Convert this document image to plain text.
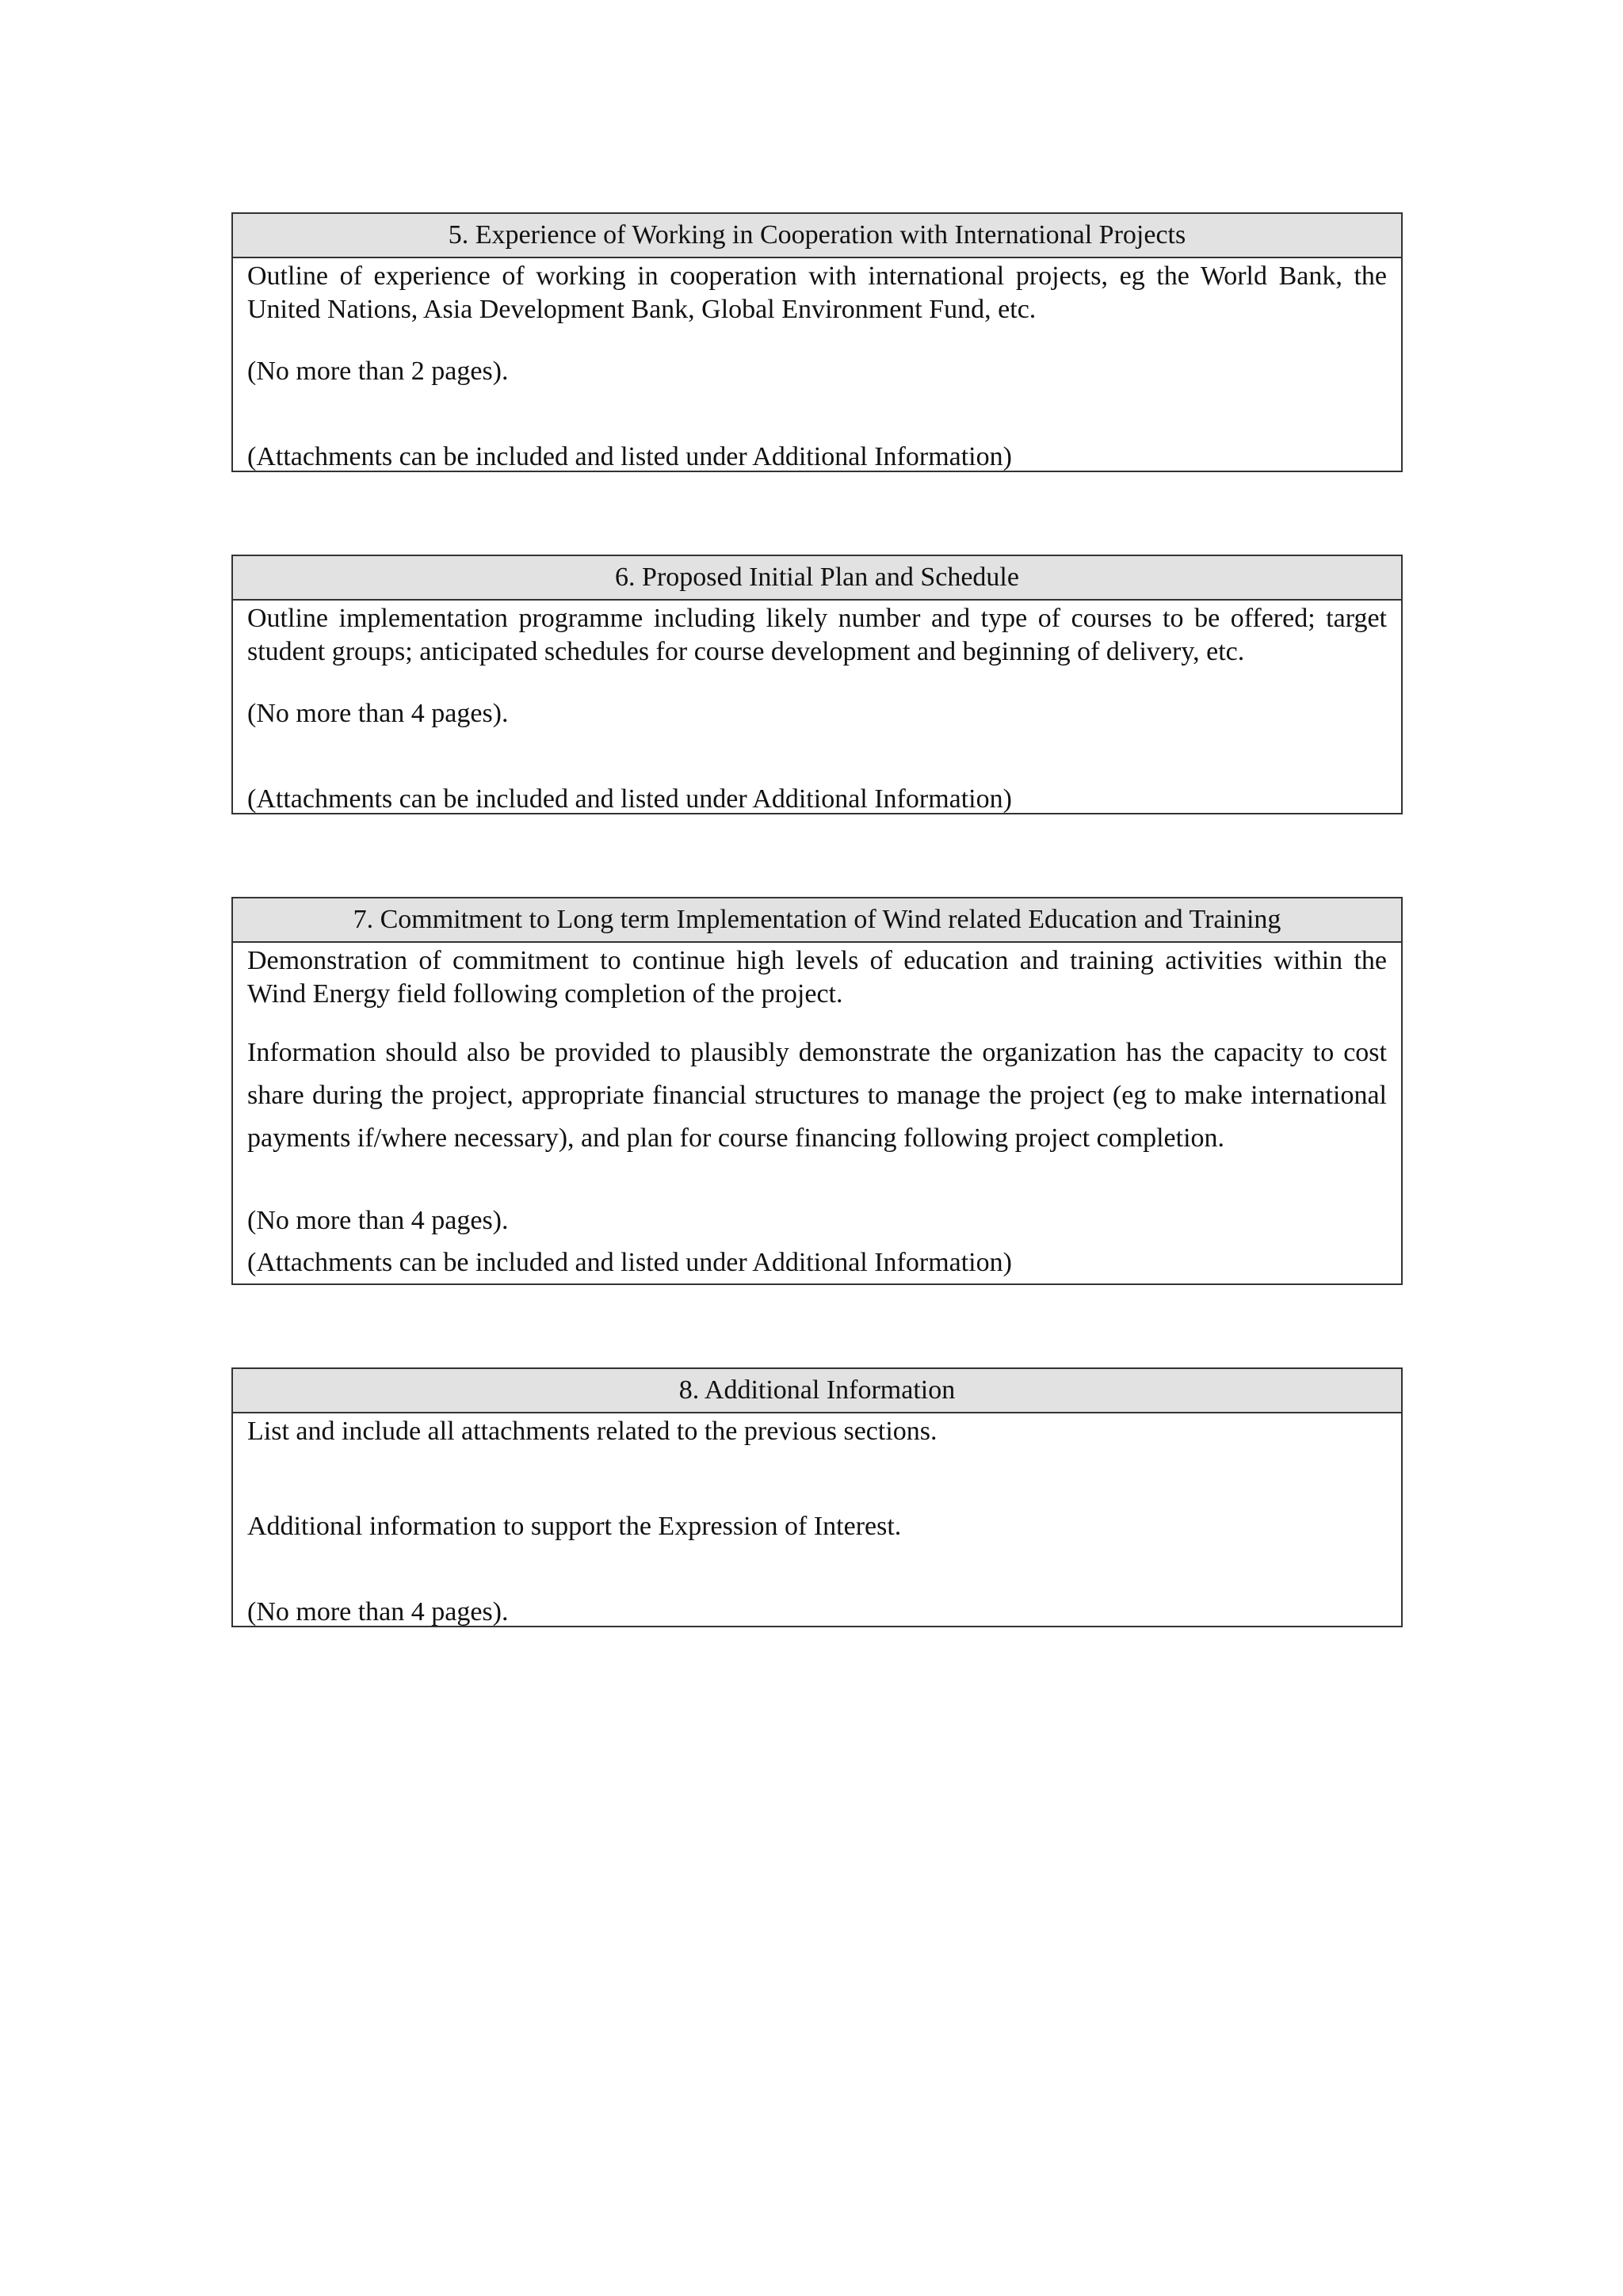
5. Experience of Working in Cooperation with International Projects

Outline of experience of working in cooperation with international projects, eg the World Bank, the United Nations, Asia Development Bank, Global Environment Fund, etc.

(No more than 2 pages).

(Attachments can be included and listed under Additional Information)

6. Proposed Initial Plan and Schedule

Outline implementation programme including likely number and type of courses to be offered; target student groups; anticipated schedules for course development and beginning of delivery, etc.

(No more than 4 pages).

(Attachments can be included and listed under Additional Information)

7. Commitment to Long term Implementation of Wind related Education and Training

Demonstration of commitment to continue high levels of education and training activities within the Wind Energy field following completion of the project.

Information should also be provided to plausibly demonstrate the organization has the capacity to cost share during the project, appropriate financial structures to manage the project (eg to make international payments if/where necessary), and plan for course financing following project completion.

(No more than 4 pages).

(Attachments can be included and listed under Additional Information)

8. Additional Information

List and include all attachments related to the previous sections.

Additional information to support the Expression of Interest.

(No more than 4 pages).
